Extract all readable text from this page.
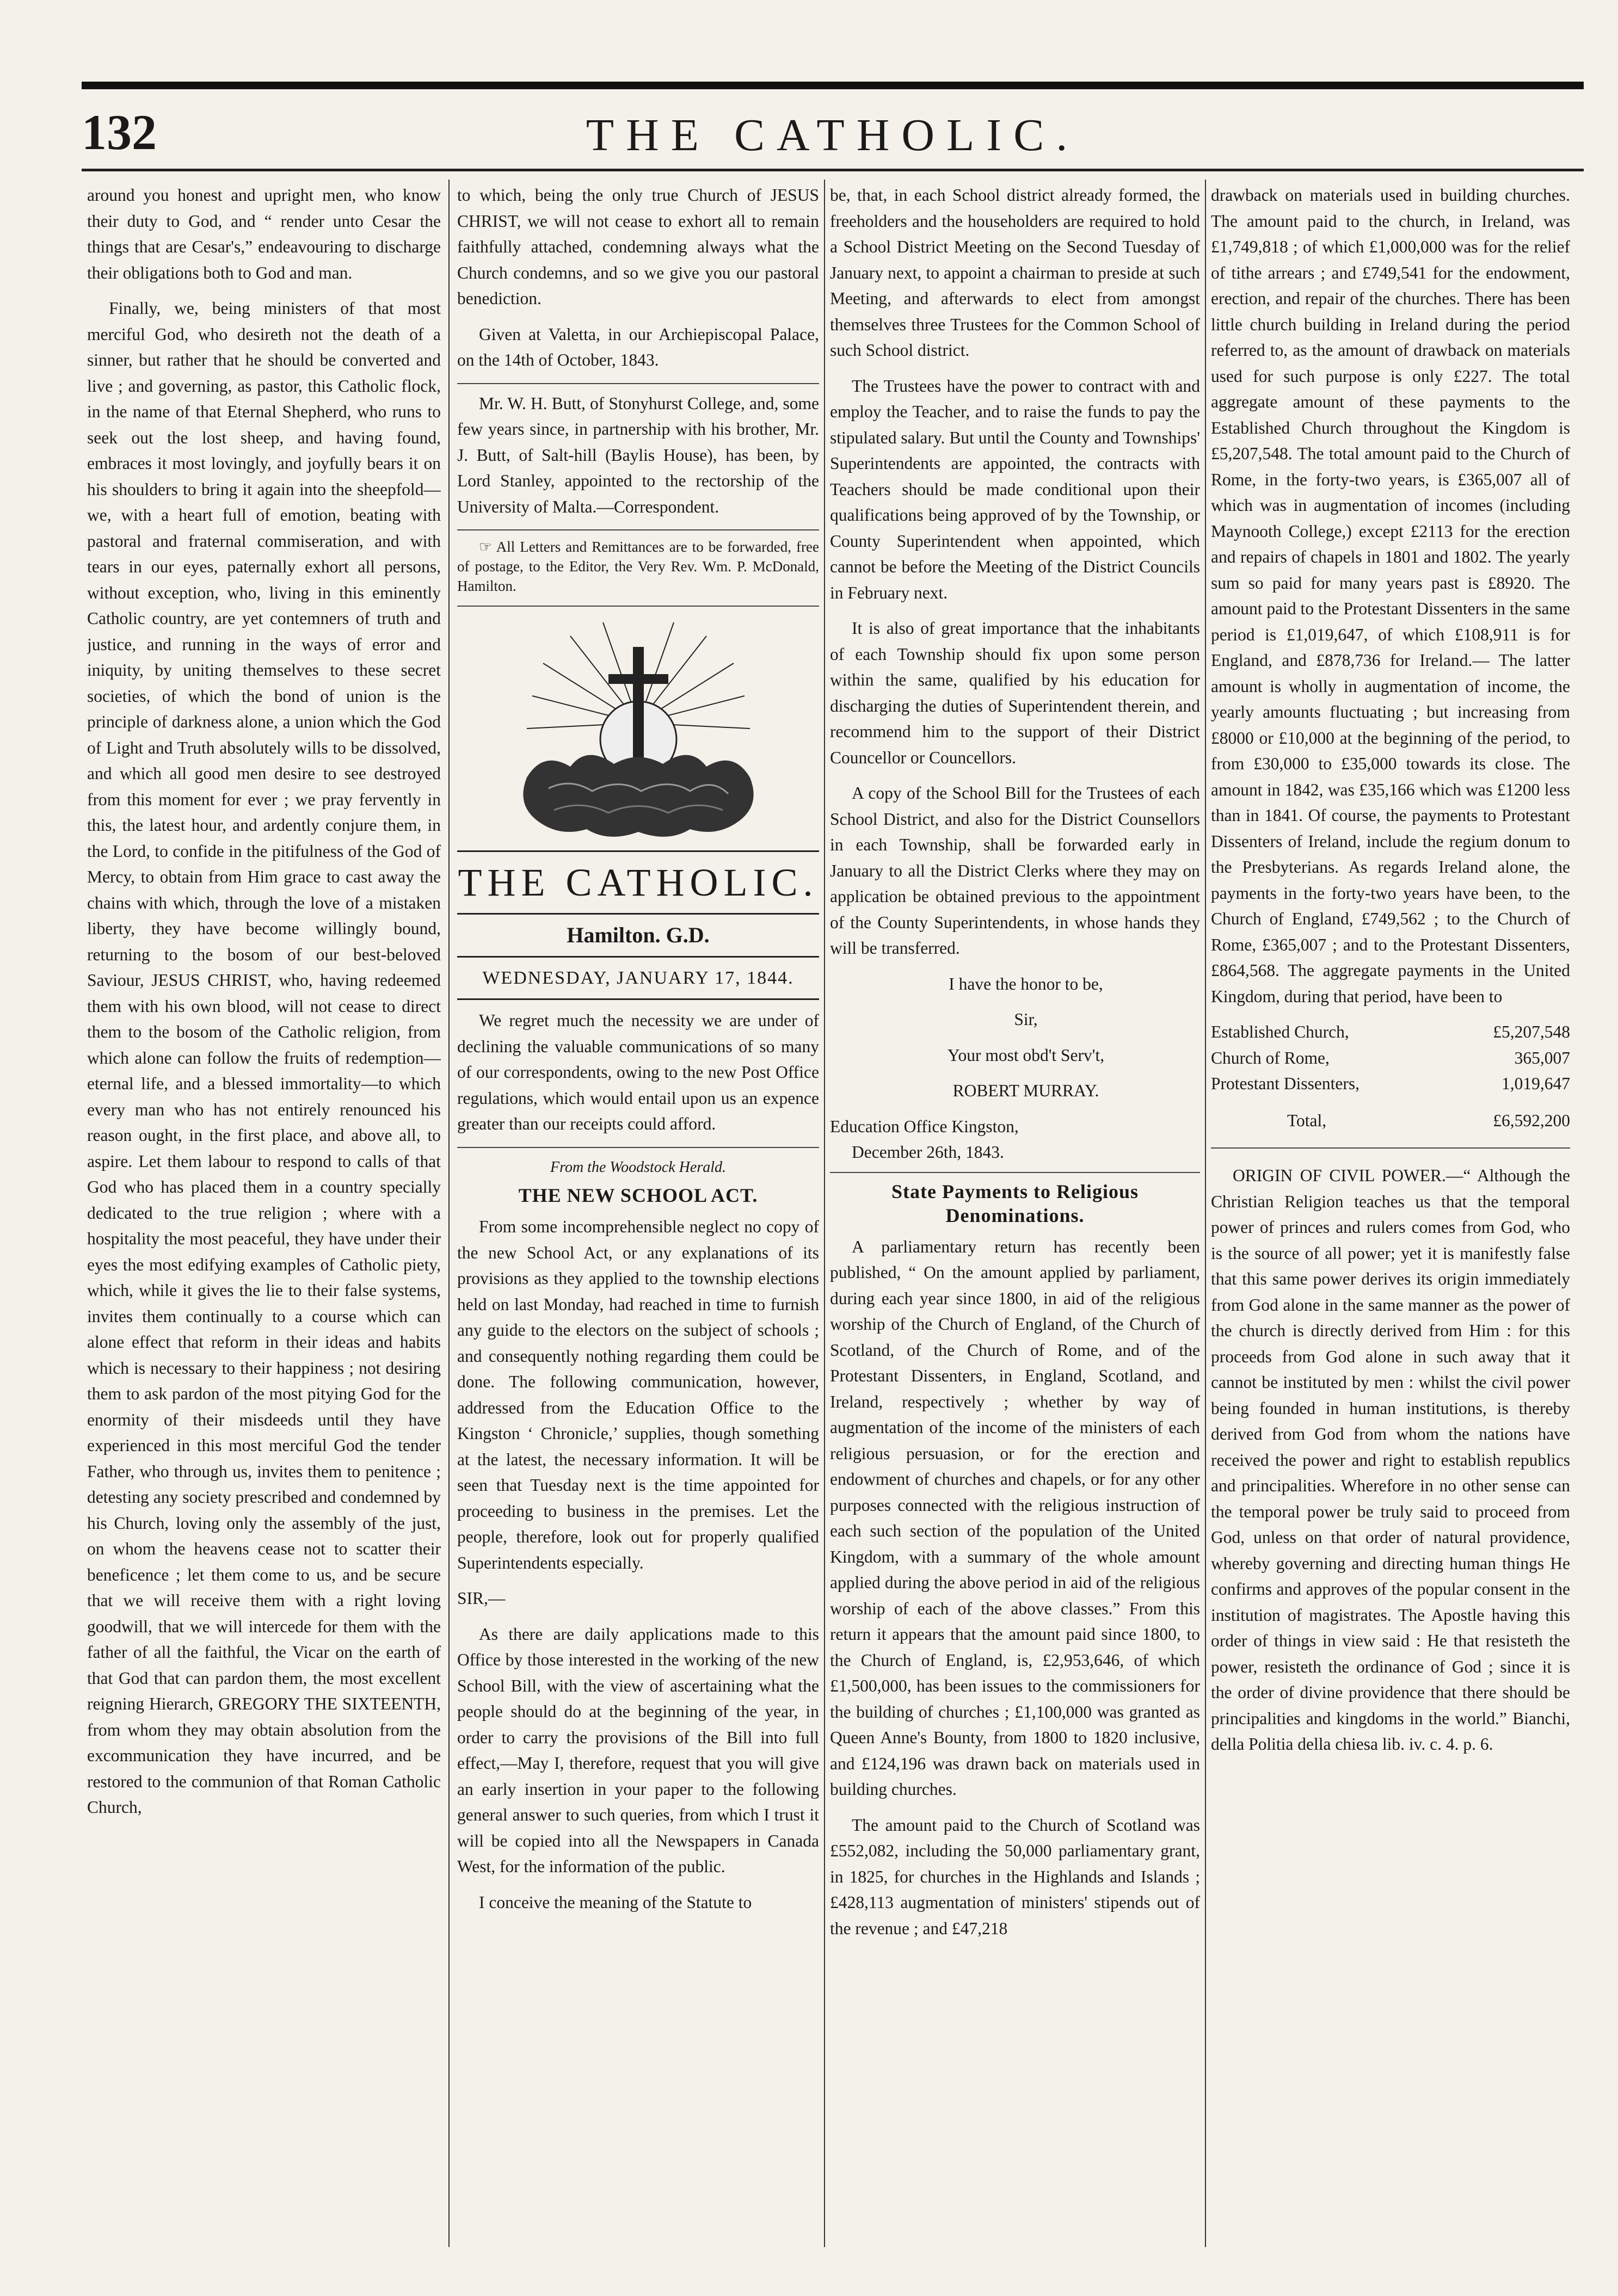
132	THE CATHOLIC.

around you honest and upright men, who know their duty to God, and “ render unto Cesar the things that are Cesar's,” endeavouring to discharge their obligations both to God and man.

Finally, we, being ministers of that most merciful God, who desireth not the death of a sinner, but rather that he should be converted and live ; and governing, as pastor, this Catholic flock, in the name of that Eternal Shepherd, who runs to seek out the lost sheep, and having found, embraces it most lovingly, and joyfully bears it on his shoulders to bring it again into the sheepfold—we, with a heart full of emotion, beating with pastoral and fraternal commiseration, and with tears in our eyes, paternally exhort all persons, without exception, who, living in this eminently Catholic country, are yet contemners of truth and justice, and running in the ways of error and iniquity, by uniting themselves to these secret societies, of which the bond of union is the principle of darkness alone, a union which the God of Light and Truth absolutely wills to be dissolved, and which all good men desire to see destroyed from this moment for ever ; we pray fervently in this, the latest hour, and ardently conjure them, in the Lord, to confide in the pitifulness of the God of Mercy, to obtain from Him grace to cast away the chains with which, through the love of a mistaken liberty, they have become willingly bound, returning to the bosom of our best-beloved Saviour, JESUS CHRIST, who, having redeemed them with his own blood, will not cease to direct them to the bosom of the Catholic religion, from which alone can follow the fruits of redemption—eternal life, and a blessed immortality—to which every man who has not entirely renounced his reason ought, in the first place, and above all, to aspire. Let them labour to respond to calls of that God who has placed them in a country specially dedicated to the true religion ; where with a hospitality the most peaceful, they have under their eyes the most edifying examples of Catholic piety, which, while it gives the lie to their false systems, invites them continually to a course which can alone effect that reform in their ideas and habits which is necessary to their happiness ; not desiring them to ask pardon of the most pitying God for the enormity of their misdeeds until they have experienced in this most merciful God the tender Father, who through us, invites them to penitence ; detesting any society prescribed and condemned by his Church, loving only the assembly of the just, on whom the heavens cease not to scatter their beneficence ; let them come to us, and be secure that we will receive them with a right loving goodwill, that we will intercede for them with the father of all the faithful, the Vicar on the earth of that God that can pardon them, the most excellent reigning Hierarch, GREGORY THE SIXTEENTH, from whom they may obtain absolution from the excommunication they have incurred, and be restored to the communion of that Roman Catholic Church,

to which, being the only true Church of JESUS CHRIST, we will not cease to exhort all to remain faithfully attached, condemning always what the Church condemns, and so we give you our pastoral benediction.

Given at Valetta, in our Archiepiscopal Palace, on the 14th of October, 1843.

Mr. W. H. Butt, of Stonyhurst College, and, some few years since, in partnership with his brother, Mr. J. Butt, of Salt-hill (Baylis House), has been, by Lord Stanley, appointed to the rectorship of the University of Malta.—Correspondent.

☞ All Letters and Remittances are to be forwarded, free of postage, to the Editor, the Very Rev. Wm. P. McDonald, Hamilton.

THE CATHOLIC.
Hamilton. G.D.
WEDNESDAY, JANUARY 17, 1844.

We regret much the necessity we are under of declining the valuable communications of so many of our correspondents, owing to the new Post Office regulations, which would entail upon us an expence greater than our receipts could afford.

From the Woodstock Herald.
THE NEW SCHOOL ACT.

From some incomprehensible neglect no copy of the new School Act, or any explanations of its provisions as they applied to the township elections held on last Monday, had reached in time to furnish any guide to the electors on the subject of schools ; and consequently nothing regarding them could be done. The following communication, however, addressed from the Education Office to the Kingston ‘ Chronicle,’ supplies, though something at the latest, the necessary information. It will be seen that Tuesday next is the time appointed for proceeding to business in the premises. Let the people, therefore, look out for properly qualified Superintendents especially.

SIR,—

As there are daily applications made to this Office by those interested in the working of the new School Bill, with the view of ascertaining what the people should do at the beginning of the year, in order to carry the provisions of the Bill into full effect,—May I, therefore, request that you will give an early insertion in your paper to the following general answer to such queries, from which I trust it will be copied into all the Newspapers in Canada West, for the information of the public.

I conceive the meaning of the Statute to

be, that, in each School district already formed, the freeholders and the householders are required to hold a School District Meeting on the Second Tuesday of January next, to appoint a chairman to preside at such Meeting, and afterwards to elect from amongst themselves three Trustees for the Common School of such School district.

The Trustees have the power to contract with and employ the Teacher, and to raise the funds to pay the stipulated salary. But until the County and Townships' Superintendents are appointed, the contracts with Teachers should be made conditional upon their qualifications being approved of by the Township, or County Superintendent when appointed, which cannot be before the Meeting of the District Councils in February next.

It is also of great importance that the inhabitants of each Township should fix upon some person within the same, qualified by his education for discharging the duties of Superintendent therein, and recommend him to the support of their District Councellor or Councellors.

A copy of the School Bill for the Trustees of each School District, and also for the District Counsellors in each Township, shall be forwarded early in January to all the District Clerks where they may on application be obtained previous to the appointment of the County Superintendents, in whose hands they will be transferred.

I have the honor to be,

Sir,

Your most obd't Serv't,

ROBERT MURRAY.

Education Office Kingston,

December 26th, 1843.

State Payments to Religious Denominations.

A parliamentary return has recently been published, “ On the amount applied by parliament, during each year since 1800, in aid of the religious worship of the Church of England, of the Church of Scotland, of the Church of Rome, and of the Protestant Dissenters, in England, Scotland, and Ireland, respectively ; whether by way of augmentation of the income of the ministers of each religious persuasion, or for the erection and endowment of churches and chapels, or for any other purposes connected with the religious instruction of each such section of the population of the United Kingdom, with a summary of the whole amount applied during the above period in aid of the religious worship of each of the above classes.” From this return it appears that the amount paid since 1800, to the Church of England, is, £2,953,646, of which £1,500,000, has been issues to the commissioners for the building of churches ; £1,100,000 was granted as Queen Anne's Bounty, from 1800 to 1820 inclusive, and £124,196 was drawn back on materials used in building churches.

The amount paid to the Church of Scotland was £552,082, including the 50,000 parliamentary grant, in 1825, for churches in the Highlands and Islands ; £428,113 augmentation of ministers' stipends out of the revenue ; and £47,218

drawback on materials used in building churches. The amount paid to the church, in Ireland, was £1,749,818 ; of which £1,000,000 was for the relief of tithe arrears ; and £749,541 for the endowment, erection, and repair of the churches. There has been little church building in Ireland during the period referred to, as the amount of drawback on materials used for such purpose is only £227. The total aggregate amount of these payments to the Established Church throughout the Kingdom is £5,207,548. The total amount paid to the Church of Rome, in the forty-two years, is £365,007 all of which was in augmentation of incomes (including Maynooth College,) except £2113 for the erection and repairs of chapels in 1801 and 1802. The yearly sum so paid for many years past is £8920. The amount paid to the Protestant Dissenters in the same period is £1,019,647, of which £108,911 is for England, and £878,736 for Ireland.— The latter amount is wholly in augmentation of income, the yearly amounts fluctuating ; but increasing from £8000 or £10,000 at the beginning of the period, to from £30,000 to £35,000 towards its close. The amount in 1842, was £35,166 which was £1200 less than in 1841. Of course, the payments to Protestant Dissenters of Ireland, include the regium donum to the Presbyterians. As regards Ireland alone, the payments in the forty-two years have been, to the Church of England, £749,562 ; to the Church of Rome, £365,007 ; and to the Protestant Dissenters, £864,568. The aggregate payments in the United Kingdom, during that period, have been to

Established Church,	£5,207,548
Church of Rome,	365,007
Protestant Dissenters,	1,019,647
Total,	£6,592,200

ORIGIN OF CIVIL POWER.—“ Although the Christian Religion teaches us that the temporal power of princes and rulers comes from God, who is the source of all power; yet it is manifestly false that this same power derives its origin immediately from God alone in the same manner as the power of the church is directly derived from Him : for this proceeds from God alone in such away that it cannot be instituted by men : whilst the civil power being founded in human institutions, is thereby derived from God from whom the nations have received the power and right to establish republics and principalities. Wherefore in no other sense can the temporal power be truly said to proceed from God, unless on that order of natural providence, whereby governing and directing human things He confirms and approves of the popular consent in the institution of magistrates. The Apostle having this order of things in view said : He that resisteth the power, resisteth the ordinance of God ; since it is the order of divine providence that there should be principalities and kingdoms in the world.” Bianchi, della Politia della chiesa lib. iv. c. 4. p. 6.
